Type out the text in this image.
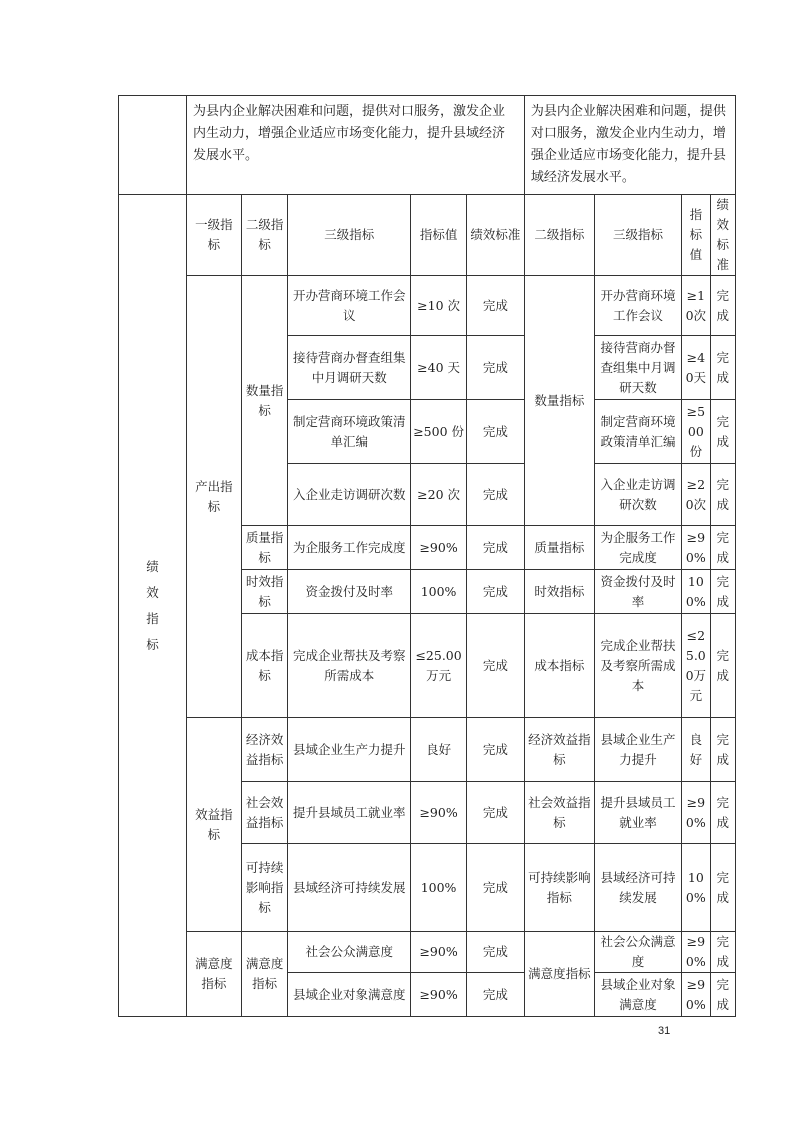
	为县内企业解决困难和问题，提供对口服务，激发企业内生动力，增强企业适应市场变化能力，提升县域经济发展水平。					为县内企业解决困难和问题，提供对口服务，激发企业内生动力，增强企业适应市场变化能力，提升县域经济发展水平。			

绩效指标	一级指标	二级指标	三级指标	指标值	绩效标准	二级指标	三级指标	指标值	绩效标准
	产出指标	数量指标	开办营商环境工作会议	≥10 次	完成	数量指标	开办营商环境工作会议	≥10次	完成
			接待营商办督查组集中月调研天数	≥40 天	完成		接待营商办督查组集中月调研天数	≥40天	完成
			制定营商环境政策清单汇编	≥500 份	完成		制定营商环境政策清单汇编	≥500份	完成
			入企业走访调研次数	≥20 次	完成		入企业走访调研次数	≥20次	完成
		质量指标	为企服务工作完成度	≥90%	完成	质量指标	为企服务工作完成度	≥90%	完成
		时效指标	资金拨付及时率	100%	完成	时效指标	资金拨付及时率	100%	完成
		成本指标	完成企业帮扶及考察所需成本	≤25.00万元	完成	成本指标	完成企业帮扶及考察所需成本	≤25.00万元	完成
	效益指标	经济效益指标	县域企业生产力提升	良好	完成	经济效益指标	县域企业生产力提升	良好	完成
		社会效益指标	提升县域员工就业率	≥90%	完成	社会效益指标	提升县域员工就业率	≥90%	完成
		可持续影响指标	县域经济可持续发展	100%	完成	可持续影响指标	县域经济可持续发展	100%	完成
	满意度指标	满意度指标	社会公众满意度	≥90%	完成	满意度指标	社会公众满意度	≥90%	完成
			县域企业对象满意度	≥90%	完成		县域企业对象满意度	≥90%	完成
31
